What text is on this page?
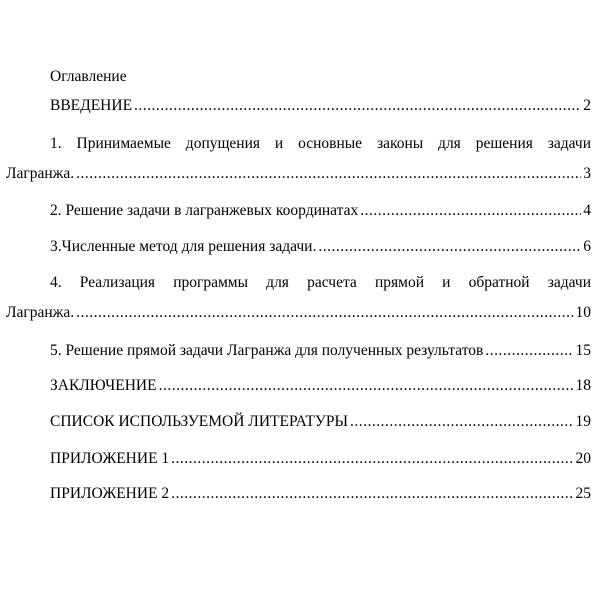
Оглавление
ВВЕДЕНИЕ .....	2
1. Принимаемые допущения и основные законы для решения задачи
Лагранжа. .....	3
2. Решение задачи в лагранжевых координатах .....	4
3.Численные метод для решения задачи. .....	6
4. Реализация программы для расчета прямой и обратной задачи
Лагранжа. .....	10
5. Решение прямой задачи Лагранжа для полученных результатов .....	15
ЗАКЛЮЧЕНИЕ .....	18
СПИСОК ИСПОЛЬЗУЕМОЙ ЛИТЕРАТУРЫ .....	19
ПРИЛОЖЕНИЕ 1 .....	20
ПРИЛОЖЕНИЕ 2 .....	25
